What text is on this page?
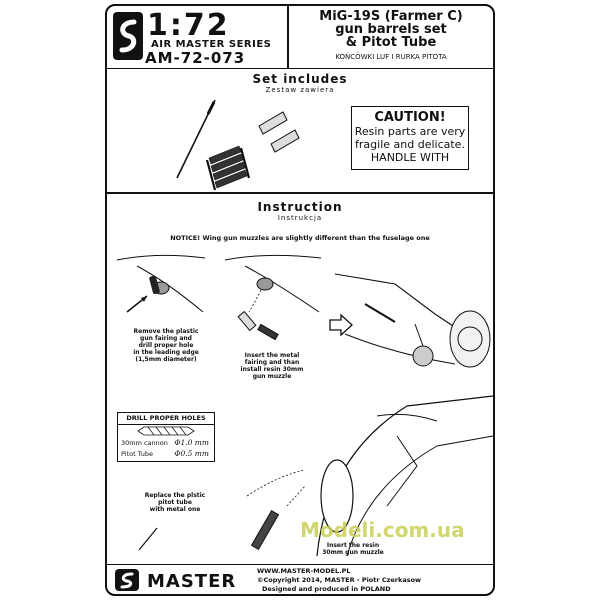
1:72
AIR MASTER SERIES
AM-72-073
MiG-19S (Farmer C)
gun barrels set
& Pitot Tube
KOŃCÓWKI LUF I RURKA PITOTA
Set includes
Zestaw zawiera
CAUTION!
Resin parts are very
fragile and delicate.
HANDLE WITH
Instruction
Instrukcja
NOTICE! Wing gun muzzles are slightly different than the fuselage one
Remove the plastic
gun fairing and
drill proper hole
in the leading edge
(1,5mm diameter)
Insert the metal
fairing and than
install resin 30mm
gun muzzle
DRILL PROPER HOLES
30mm cannon Φ1.0 mm
Pitot Tube	Φ0.5 mm
Replace the plstic
pitot tube
with metal one
Insert the resin
30mm gun muzzle
MASTER	WWW.MASTER-MODEL.PL
©Copyright 2014, MASTER - Piotr Czerkasow
Designed and produced in POLAND
Modeli.com.ua
